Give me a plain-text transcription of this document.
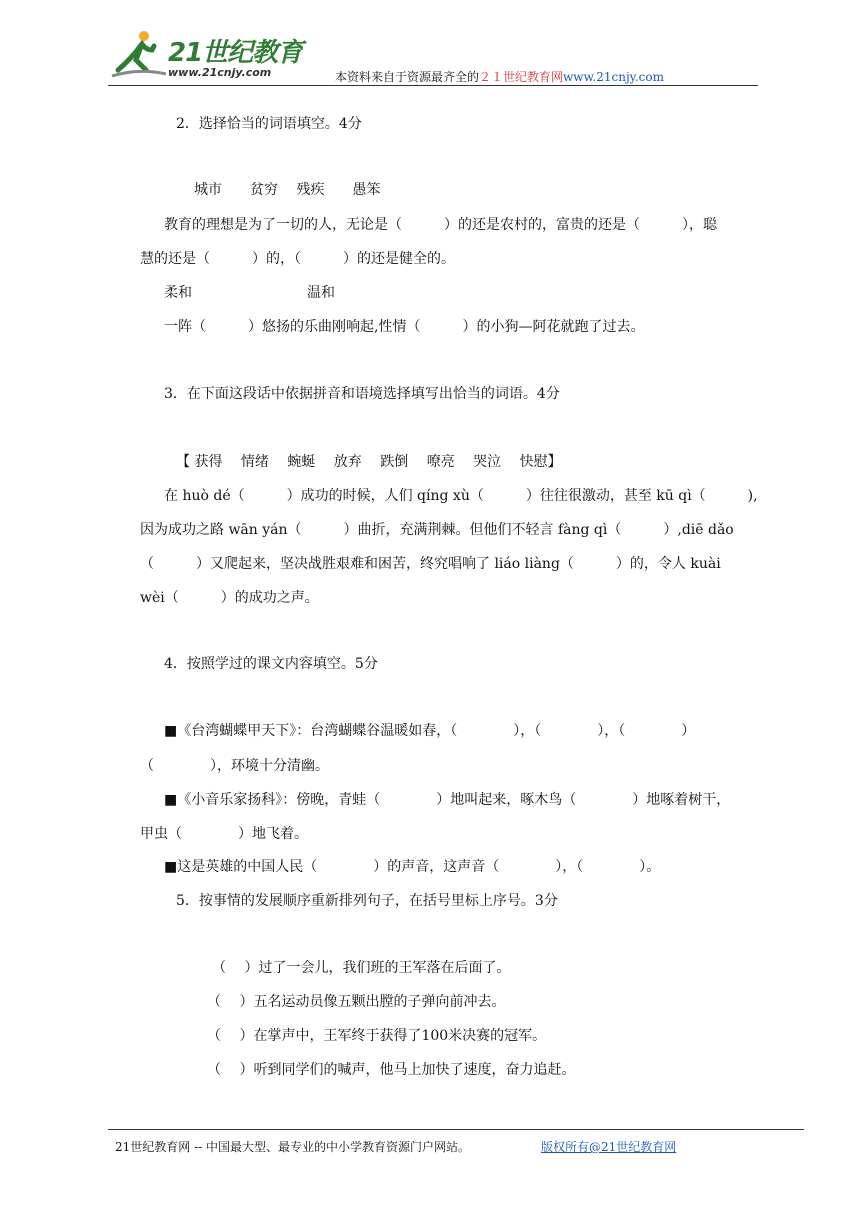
21世纪教育
www.21cnjy.com	本资料来自于资源最齐全的２１世纪教育网www.21cnjy.com
2．选择恰当的词语填空。4分
城市　　贫穷　 残疾　　愚笨
教育的理想是为了一切的人，无论是（　　　）的还是农村的，富贵的还是（　　　），聪
慧的还是（　　　）的，（　　　）的还是健全的。
柔和	温和
一阵（　　　）悠扬的乐曲刚响起,性情（　　　）的小狗—阿花就跑了过去。
3．在下面这段话中依据拼音和语境选择填写出恰当的词语。4分
【 获得　 情绪　 蜿蜒　 放弃　 跌倒　 嘹亮　 哭泣　 快慰】
在 huò dé（　　　）成功的时候，人们 qíng xù（　　　）往往很激动，甚至 kū qì（　　　),
因为成功之路 wān yán（　　　）曲折，充满荆棘。但他们不轻言 fàng qì（　　　）,diē dǎo
（　　　）又爬起来，坚决战胜艰难和困苦，终究唱响了 liáo liàng（　　　）的，令人 kuài
wèi（　　　）的成功之声。
4．按照学过的课文内容填空。5分
■《台湾蝴蝶甲天下》：台湾蝴蝶谷温暖如春，（　　　　），（　　　　），（　　　　）
（　　　　），环境十分清幽。
■《小音乐家扬科》：傍晚，青蛙（　　　　）地叫起来，啄木鸟（　　　　）地啄着树干，
甲虫（　　　　）地飞着。
■这是英雄的中国人民（　　　　）的声音，这声音（　　　　），（　　　　）。
5．按事情的发展顺序重新排列句子，在括号里标上序号。3分
（　 ）过了一会儿，我们班的王军落在后面了。
（　 ）五名运动员像五颗出膛的子弹向前冲去。
（　 ）在掌声中，王军终于获得了100米决赛的冠军。
（　 ）听到同学们的喊声，他马上加快了速度，奋力追赶。
21世纪教育网 -- 中国最大型、最专业的中小学教育资源门户网站。	版权所有@21世纪教育网
